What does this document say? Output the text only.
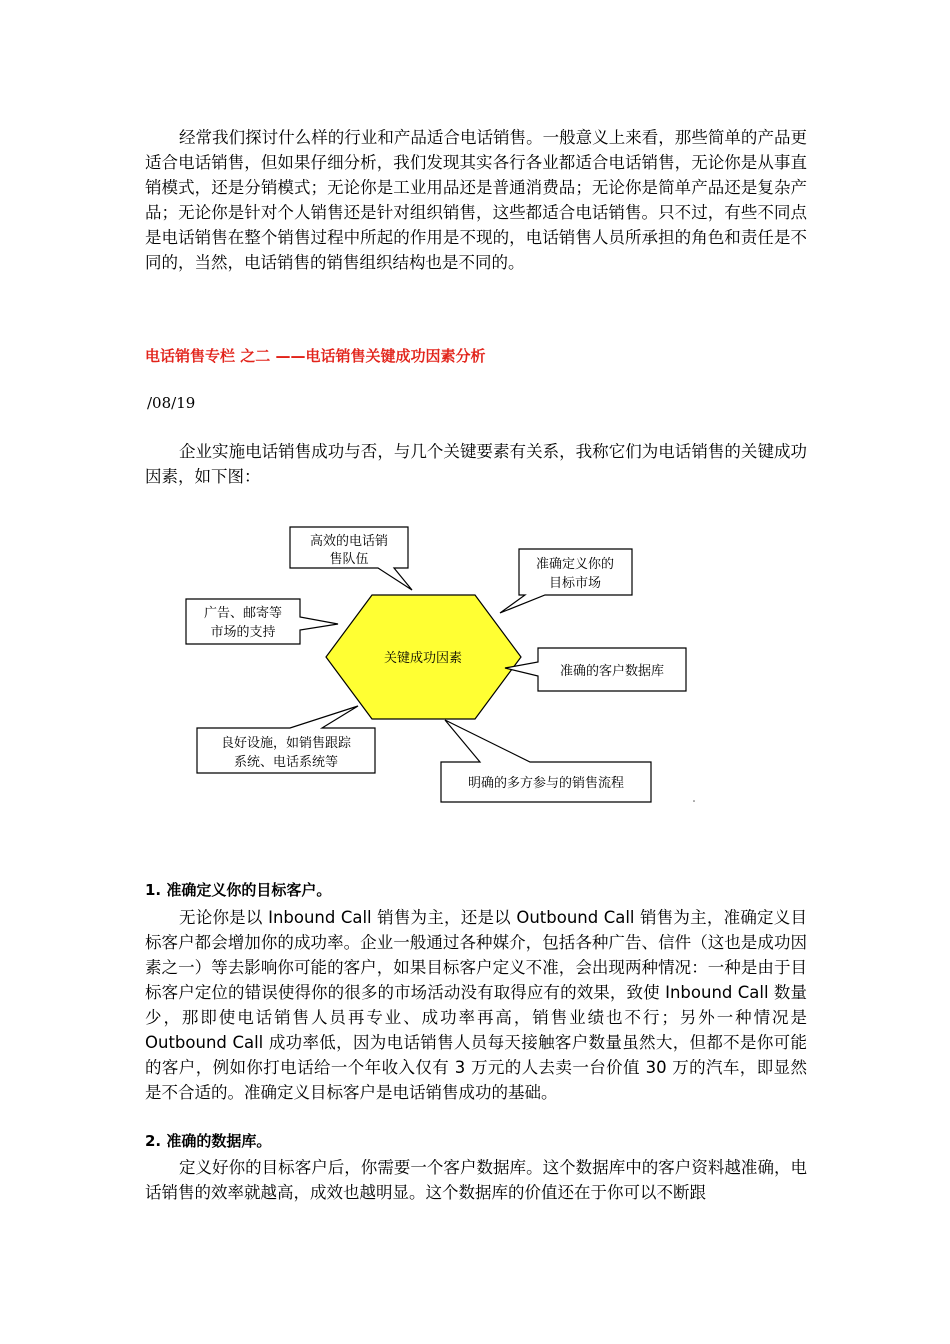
经常我们探讨什么样的行业和产品适合电话销售。一般意义上来看，那些简单的产品更适合电话销售，但如果仔细分析，我们发现其实各行各业都适合电话销售，无论你是从事直销模式，还是分销模式；无论你是工业用品还是普通消费品；无论你是简单产品还是复杂产品；无论你是针对个人销售还是针对组织销售，这些都适合电话销售。只不过，有些不同点是电话销售在整个销售过程中所起的作用是不现的，电话销售人员所承担的角色和责任是不同的，当然，电话销售的销售组织结构也是不同的。

电话销售专栏 之二 ——电话销售关键成功因素分析

/08/19

企业实施电话销售成功与否，与几个关键要素有关系，我称它们为电话销售的关键成功因素，如下图：

关键成功因素
高效的电话销
售队伍	准确定义你的
目标市场
广告、邮寄等
市场的支持
准确的客户数据库
良好设施，如销售跟踪
系统、电话系统等
明确的多方参与的销售流程

1. 准确定义你的目标客户。

无论你是以 Inbound Call 销售为主，还是以 Outbound Call 销售为主，准确定义目标客户都会增加你的成功率。企业一般通过各种媒介，包括各种广告、信件（这也是成功因素之一）等去影响你可能的客户，如果目标客户定义不准，会出现两种情况：一种是由于目标客户定位的错误使得你的很多的市场活动没有取得应有的效果，致使 Inbound Call 数量少，那即使电话销售人员再专业、成功率再高，销售业绩也不行；另外一种情况是 Outbound Call 成功率低，因为电话销售人员每天接触客户数量虽然大，但都不是你可能的客户，例如你打电话给一个年收入仅有 3 万元的人去卖一台价值 30 万的汽车，即显然是不合适的。准确定义目标客户是电话销售成功的基础。

2. 准确的数据库。

定义好你的目标客户后，你需要一个客户数据库。这个数据库中的客户资料越准确，电话销售的效率就越高，成效也越明显。这个数据库的价值还在于你可以不断跟
